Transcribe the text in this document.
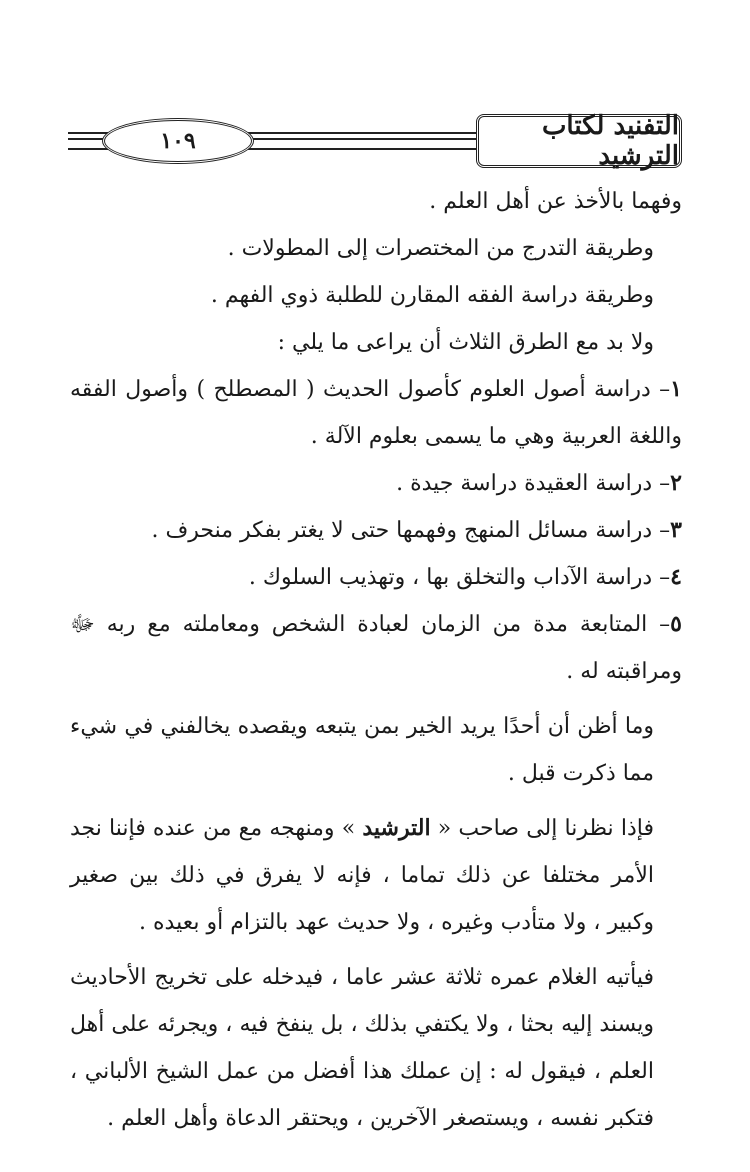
التفنيد لكتاب الترشيد
١٠٩

وفهما بالأخذ عن أهل العلم .

وطريقة التدرج من المختصرات إلى المطولات .

وطريقة دراسة الفقه المقارن للطلبة ذوي الفهم .

ولا بد مع الطرق الثلاث أن يراعى ما يلي :

١– دراسة أصول العلوم كأصول الحديث ( المصطلح ) وأصول الفقه واللغة العربية وهي ما يسمى بعلوم الآلة .

٢– دراسة العقيدة دراسة جيدة .

٣– دراسة مسائل المنهج وفهمها حتى لا يغتر بفكر منحرف .

٤– دراسة الآداب والتخلق بها ، وتهذيب السلوك .

٥– المتابعة مدة من الزمان لعبادة الشخص ومعاملته مع ربه ﷻ ومراقبته له .

وما أظن أن أحدًا يريد الخير بمن يتبعه ويقصده يخالفني في شيء مما ذكرت قبل .

فإذا نظرنا إلى صاحب « الترشيد » ومنهجه مع من عنده فإننا نجد الأمر مختلفا عن ذلك تماما ، فإنه لا يفرق في ذلك بين صغير وكبير ، ولا متأدب وغيره ، ولا حديث عهد بالتزام أو بعيده .

فيأتيه الغلام عمره ثلاثة عشر عاما ، فيدخله على تخريج الأحاديث ويسند إليه بحثا ، ولا يكتفي بذلك ، بل ينفخ فيه ، ويجرئه على أهل العلم ، فيقول له : إن عملك هذا أفضل من عمل الشيخ الألباني ، فتكبر نفسه ، ويستصغر الآخرين ، ويحتقر الدعاة وأهل العلم .
